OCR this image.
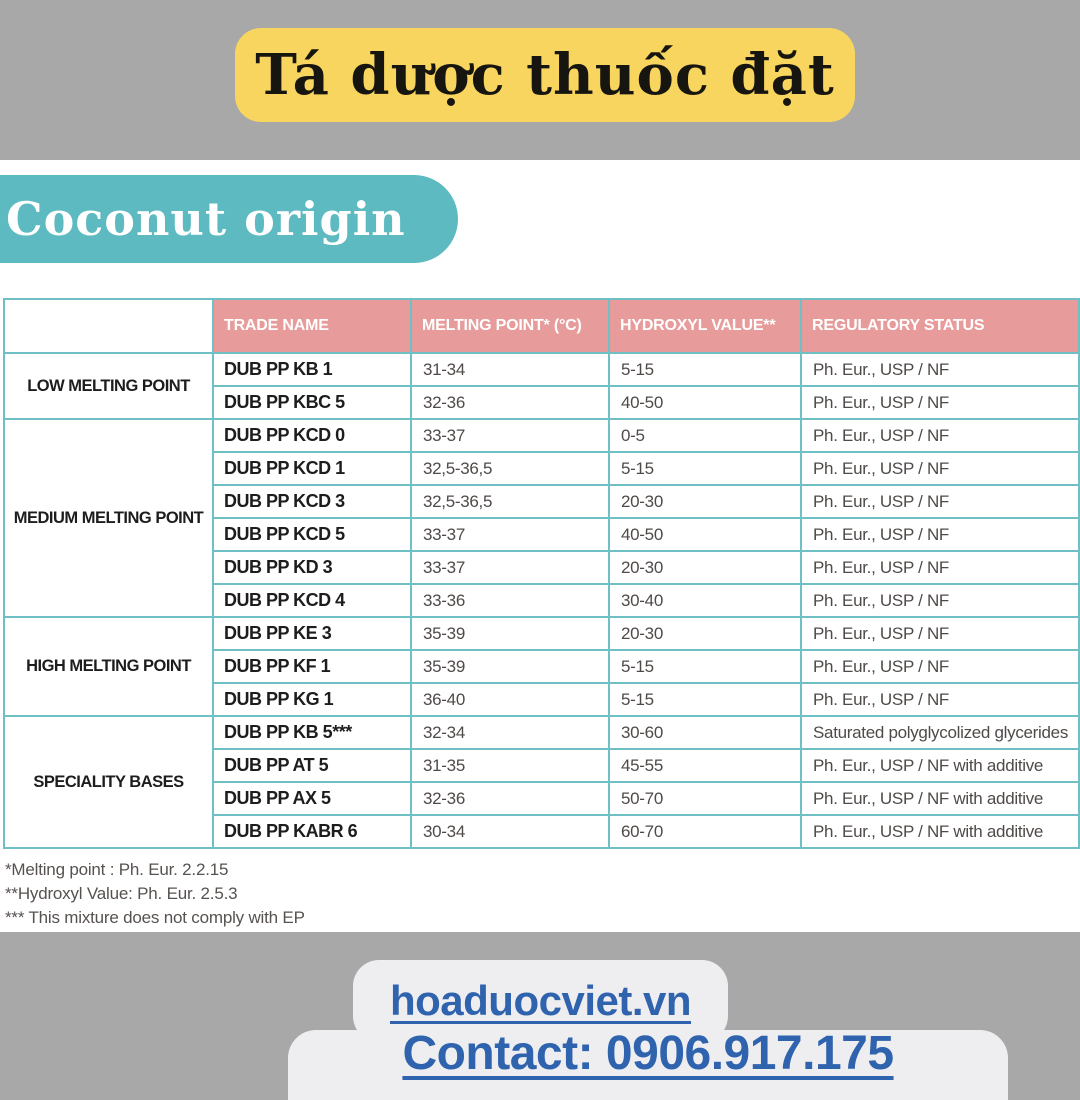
Tá dược thuốc đặt
Coconut origin
	TRADE NAME	MELTING POINT* (°C)	HYDROXYL VALUE**	REGULATORY STATUS
LOW MELTING POINT	DUB PP KB 1	31-34	5-15	Ph. Eur., USP / NF
	DUB PP KBC 5	32-36	40-50	Ph. Eur., USP / NF
MEDIUM MELTING POINT	DUB PP KCD 0	33-37	0-5	Ph. Eur., USP / NF
	DUB PP KCD 1	32,5-36,5	5-15	Ph. Eur., USP / NF
	DUB PP KCD 3	32,5-36,5	20-30	Ph. Eur., USP / NF
	DUB PP KCD 5	33-37	40-50	Ph. Eur., USP / NF
	DUB PP KD 3	33-37	20-30	Ph. Eur., USP / NF
	DUB PP KCD 4	33-36	30-40	Ph. Eur., USP / NF
HIGH MELTING POINT	DUB PP KE 3	35-39	20-30	Ph. Eur., USP / NF
	DUB PP KF 1	35-39	5-15	Ph. Eur., USP / NF
	DUB PP KG 1	36-40	5-15	Ph. Eur., USP / NF
SPECIALITY BASES	DUB PP KB 5***	32-34	30-60	Saturated polyglycolized glycerides
	DUB PP AT 5	31-35	45-55	Ph. Eur., USP / NF with additive
	DUB PP AX 5	32-36	50-70	Ph. Eur., USP / NF with additive
	DUB PP KABR 6	30-34	60-70	Ph. Eur., USP / NF with additive
*Melting point : Ph. Eur. 2.2.15
**Hydroxyl Value: Ph. Eur. 2.5.3
*** This mixture does not comply with EP
hoaduocviet.vn
Contact: 0906.917.175
